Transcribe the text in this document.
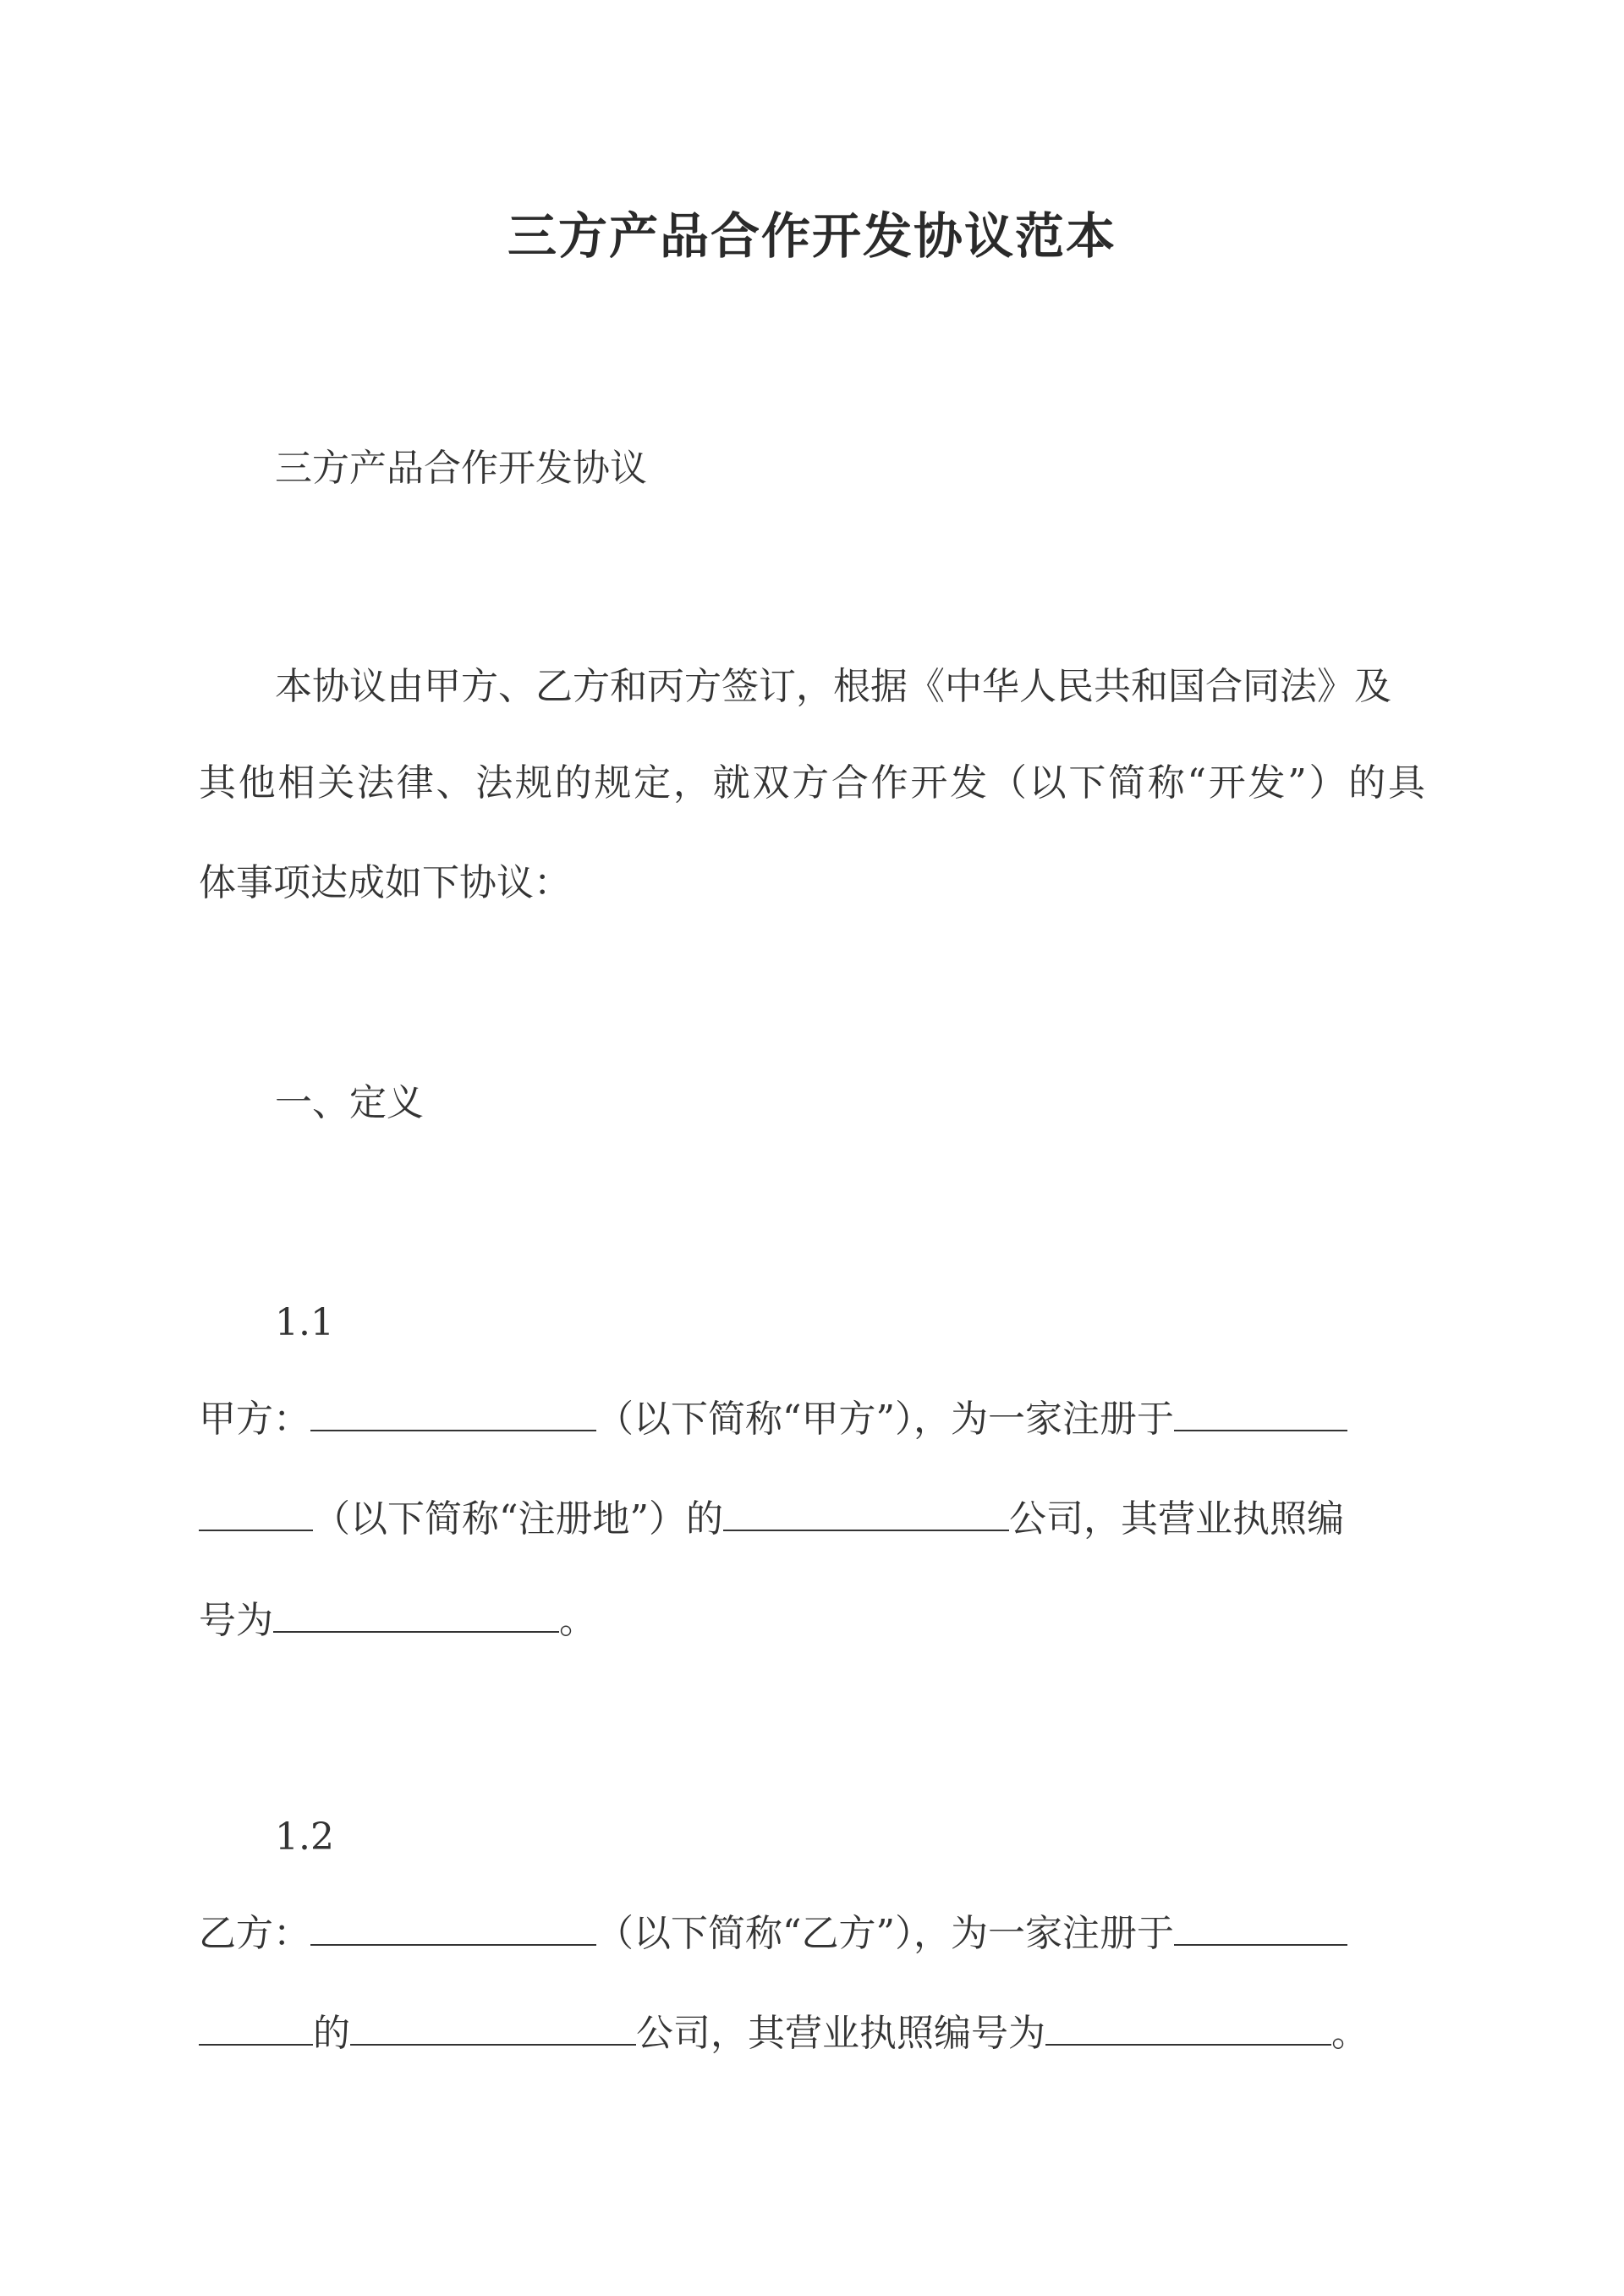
三方产品合作开发协议范本
三方产品合作开发协议
本协议由甲方、乙方和丙方签订，根据《中华人民共和国合同法》及
其他相关法律、法规的规定，就双方合作开发（以下简称“开发”）的具
体事项达成如下协议：
一、定义
1.1
甲方：	（以下简称“甲方”），为一家注册于
（以下简称“注册地”）的	公司，其营业执照编
号为	。
1.2
乙方：	（以下简称“乙方”），为一家注册于
的	公司，其营业执照编号为	。
